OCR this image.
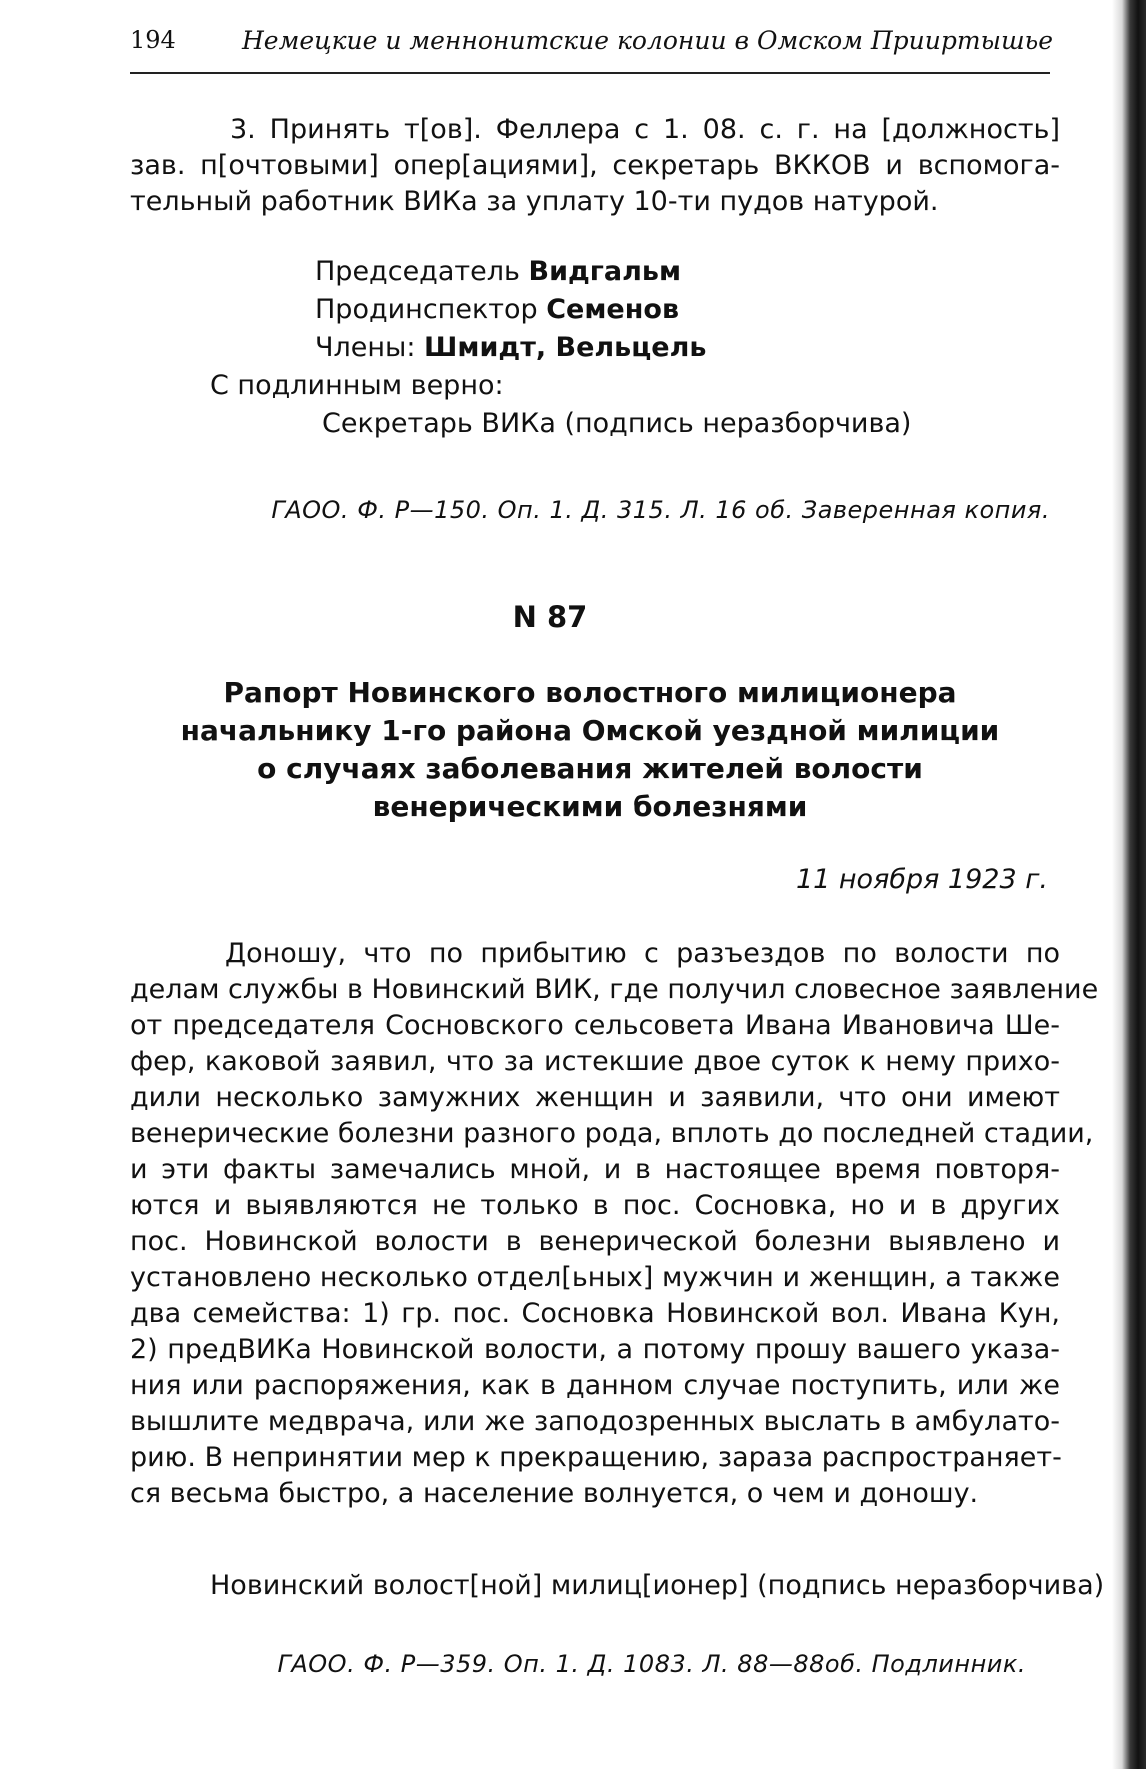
194	Немецкие и меннонитские колонии в Омском Прииртышье
3. Принять т[ов]. Феллера с 1. 08. с. г. на [должность]
зав. п[очтовыми] опер[ациями], секретарь ВККОВ и вспомога-
тельный работник ВИКа за уплату 10-ти пудов натурой.
Председатель Видгальм
Продинспектор Семенов
Члены: Шмидт, Вельцель
С подлинным верно:
Секретарь ВИКа (подпись неразборчива)
ГАОО. Ф. Р—150. Оп. 1. Д. 315. Л. 16 об. Заверенная копия.
N 87
Рапорт Новинского волостного милиционера
начальнику 1-го района Омской уездной милиции
о случаях заболевания жителей волости
венерическими болезнями
11 ноября 1923 г.
Доношу, что по прибытию с разъездов по волости по
делам службы в Новинский ВИК, где получил словесное заявление
от председателя Сосновского сельсовета Ивана Ивановича Ше-
фер, каковой заявил, что за истекшие двое суток к нему прихо-
дили несколько замужних женщин и заявили, что они имеют
венерические болезни разного рода, вплоть до последней стадии,
и эти факты замечались мной, и в настоящее время повторя-
ются и выявляются не только в пос. Сосновка, но и в других
пос. Новинской волости в венерической болезни выявлено и
установлено несколько отдел[ьных] мужчин и женщин, а также
два семейства: 1) гр. пос. Сосновка Новинской вол. Ивана Кун,
2) предВИКа Новинской волости, а потому прошу вашего указа-
ния или распоряжения, как в данном случае поступить, или же
вышлите медврача, или же заподозренных выслать в амбулато-
рию. В непринятии мер к прекращению, зараза распространяет-
ся весьма быстро, а население волнуется, о чем и доношу.
Новинский волост[ной] милиц[ионер] (подпись неразборчива)
ГАОО. Ф. Р—359. Оп. 1. Д. 1083. Л. 88—88об. Подлинник.
